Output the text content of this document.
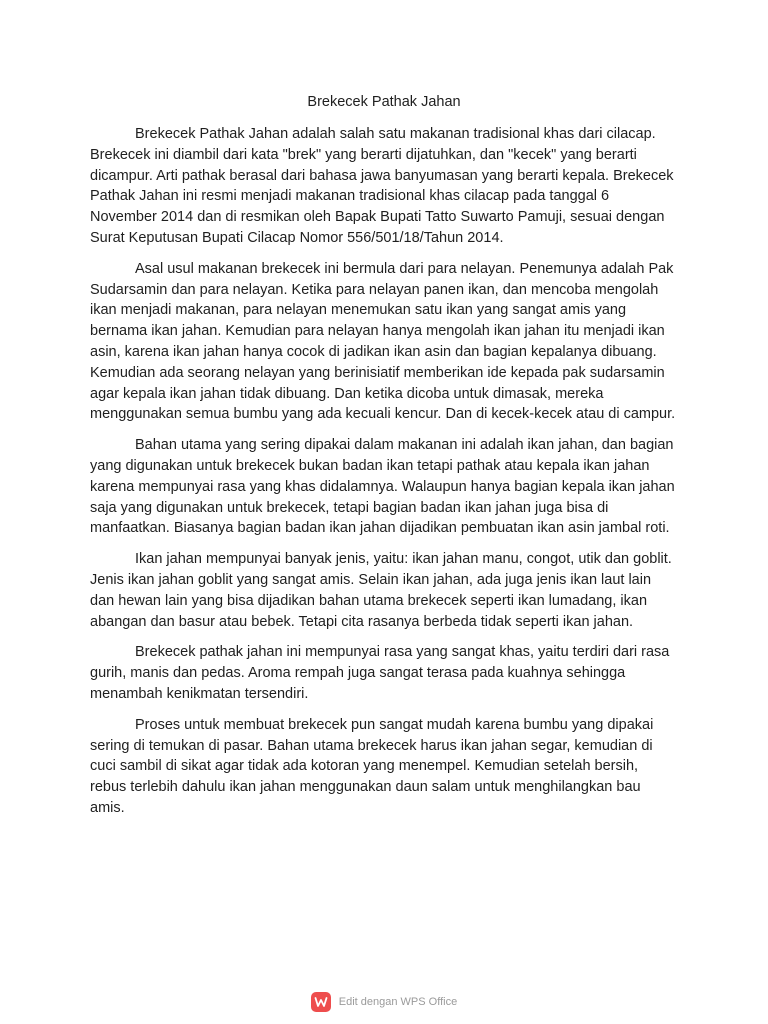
Brekecek Pathak Jahan

Brekecek Pathak Jahan adalah salah satu makanan tradisional khas dari cilacap. Brekecek ini diambil dari kata "brek" yang berarti dijatuhkan, dan "kecek" yang berarti dicampur. Arti pathak berasal dari bahasa jawa banyumasan yang berarti kepala. Brekecek Pathak Jahan ini resmi menjadi makanan tradisional khas cilacap pada tanggal 6 November 2014 dan di resmikan oleh Bapak Bupati Tatto Suwarto Pamuji, sesuai dengan Surat Keputusan Bupati Cilacap Nomor 556/501/18/Tahun 2014.

Asal usul makanan brekecek ini bermula dari para nelayan. Penemunya adalah Pak Sudarsamin dan para nelayan. Ketika para nelayan panen ikan, dan mencoba mengolah ikan menjadi makanan, para nelayan menemukan satu ikan yang sangat amis yang bernama ikan jahan. Kemudian para nelayan hanya mengolah ikan jahan itu menjadi ikan asin, karena ikan jahan hanya cocok di jadikan ikan asin dan bagian kepalanya dibuang. Kemudian ada seorang nelayan yang berinisiatif memberikan ide kepada pak sudarsamin agar kepala ikan jahan tidak dibuang. Dan ketika dicoba untuk dimasak, mereka menggunakan semua bumbu yang ada kecuali kencur. Dan di kecek-kecek atau di campur.

Bahan utama yang sering dipakai dalam makanan ini adalah ikan jahan, dan bagian yang digunakan untuk brekecek bukan badan ikan tetapi pathak atau kepala ikan jahan karena mempunyai rasa yang khas didalamnya. Walaupun hanya bagian kepala ikan jahan saja yang digunakan untuk brekecek, tetapi bagian badan ikan jahan juga bisa di manfaatkan. Biasanya bagian badan ikan jahan dijadikan pembuatan ikan asin jambal roti.

Ikan jahan mempunyai banyak jenis, yaitu: ikan jahan manu, congot, utik dan goblit. Jenis ikan jahan goblit yang sangat amis. Selain ikan jahan, ada juga jenis ikan laut lain dan hewan lain yang bisa dijadikan bahan utama brekecek seperti ikan lumadang, ikan abangan dan basur atau bebek. Tetapi cita rasanya berbeda tidak seperti ikan jahan.

Brekecek pathak jahan ini mempunyai rasa yang sangat khas, yaitu terdiri dari rasa gurih, manis dan pedas. Aroma rempah juga sangat terasa pada kuahnya sehingga menambah kenikmatan tersendiri.

Proses untuk membuat brekecek pun sangat mudah karena bumbu yang dipakai sering di temukan di pasar. Bahan utama brekecek harus ikan jahan segar, kemudian di cuci sambil di sikat agar tidak ada kotoran yang menempel. Kemudian setelah bersih, rebus terlebih dahulu ikan jahan menggunakan daun salam untuk menghilangkan bau amis.

Edit dengan WPS Office
